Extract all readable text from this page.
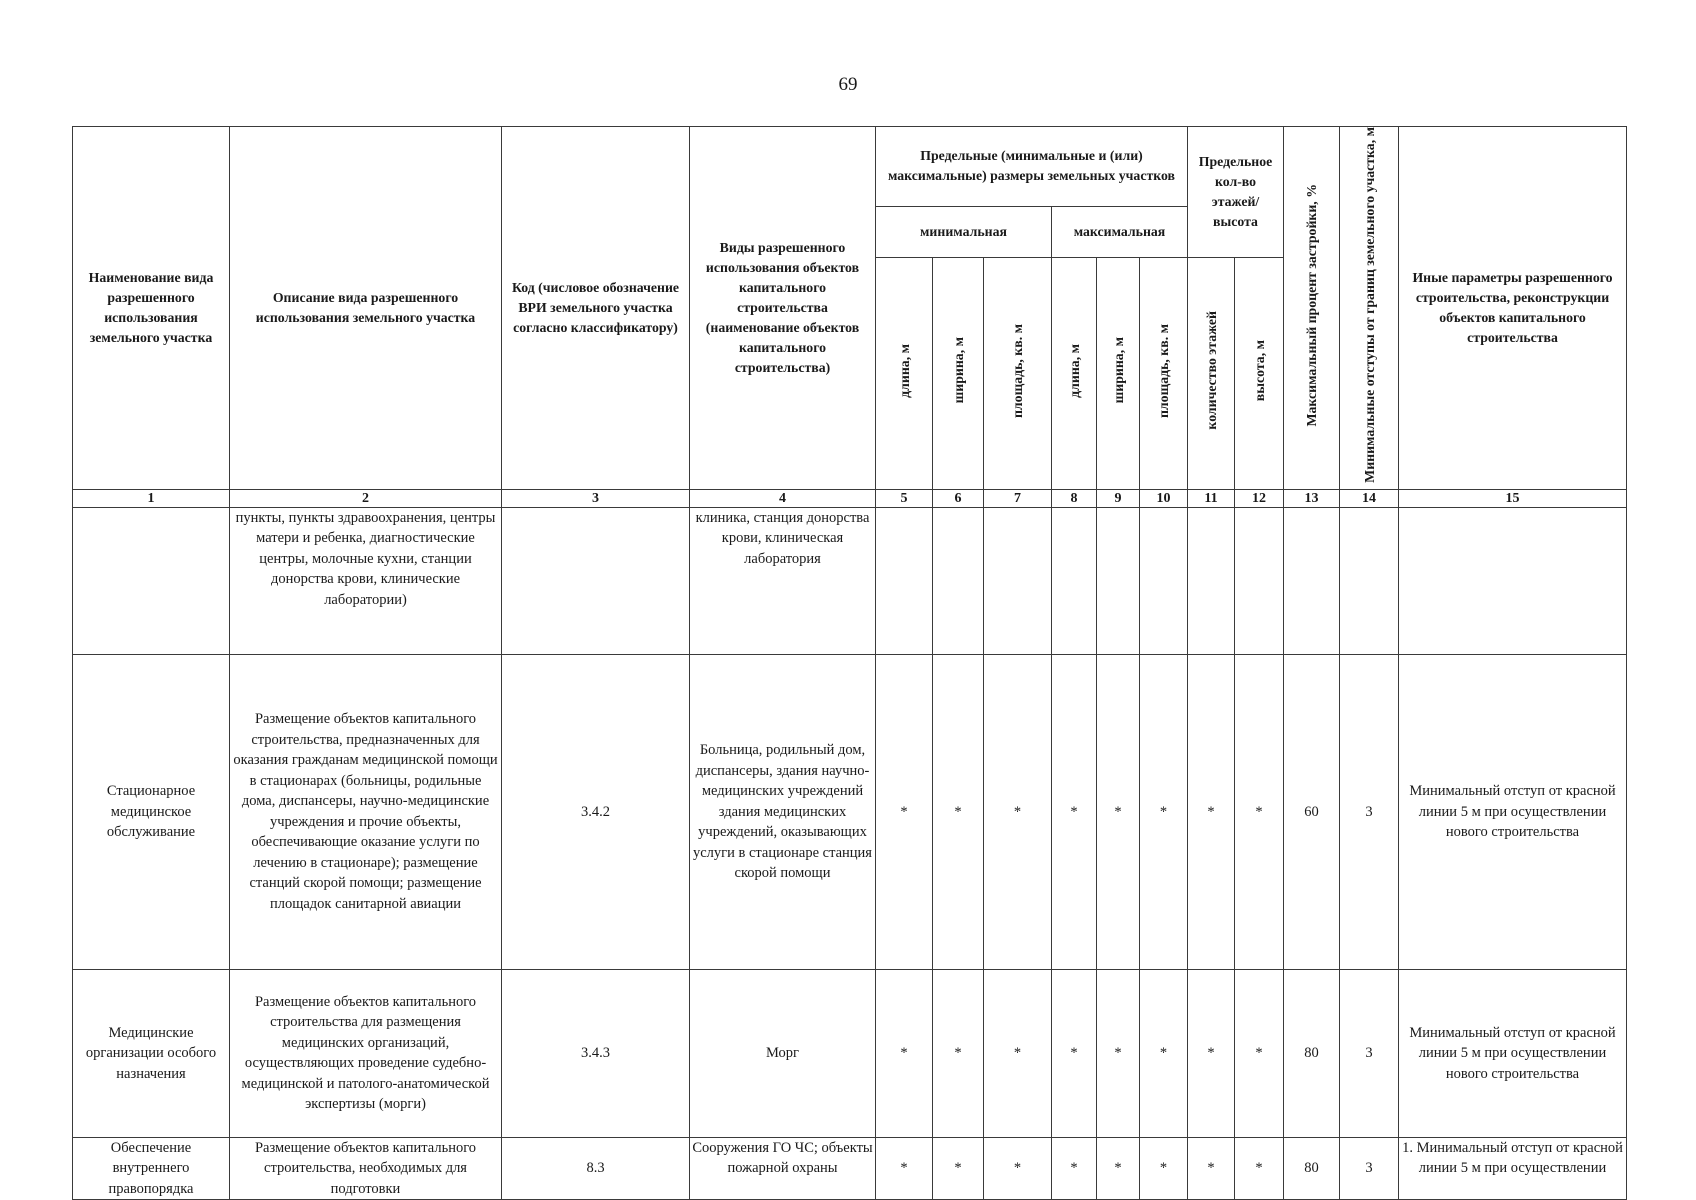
69
Наименование вида разрешенного использования земельного участка	Описание вида разрешенного использования земельного участка	Код (числовое обозначение ВРИ земельного участка согласно классификатору)	Виды разрешенного использования объектов капитального строительства (наименование объектов капитального строительства)	Предельные (минимальные и (или) максимальные) размеры земельных участков						Предельное кол-во этажей/ высота		Максимальный процент застройки, %	Минимальные отступы от границ земельного участка, м	Иные параметры разрешенного строительства, реконструкции объектов капитального строительства
				минимальная			максимальная							
				длина, м	ширина, м	площадь, кв. м	длина, м	ширина, м	площадь, кв. м	количество этажей	высота, м			
1	2	3	4	5	6	7	8	9	10	11	12	13	14	15
	пункты, пункты здравоохранения, центры матери и ребенка, диагностические центры, молочные кухни, станции донорства крови, клинические лаборатории)		клиника, станция донорства крови, клиническая лаборатория											
Стационарное медицинское обслуживание	Размещение объектов капитального строительства, предназначенных для оказания гражданам медицинской помощи в стационарах (больницы, родильные дома, диспансеры, научно-медицинские учреждения и прочие объекты, обеспечивающие оказание услуги по лечению в стационаре); размещение станций скорой помощи; размещение площадок санитарной авиации	3.4.2	Больница, родильный дом, диспансеры, здания научно-медицинских учреждений здания медицинских учреждений, оказывающих услуги в стационаре станция скорой помощи	*	*	*	*	*	*	*	*	60	3	Минимальный отступ от красной линии 5 м при осуществлении нового строительства
Медицинские организации особого назначения	Размещение объектов капитального строительства для размещения медицинских организаций, осуществляющих проведение судебно-медицинской и патолого-анатомической экспертизы (морги)	3.4.3	Морг	*	*	*	*	*	*	*	*	80	3	Минимальный отступ от красной линии 5 м при осуществлении нового строительства

Обеспечение внутреннего правопорядка	Размещение объектов капитального строительства, необходимых для подготовки	8.3	Сооружения ГО ЧС; объекты пожарной охраны	*	*	*	*	*	*	*	*	80	3	1. Минимальный отступ от красной линии 5 м при осуществлении
